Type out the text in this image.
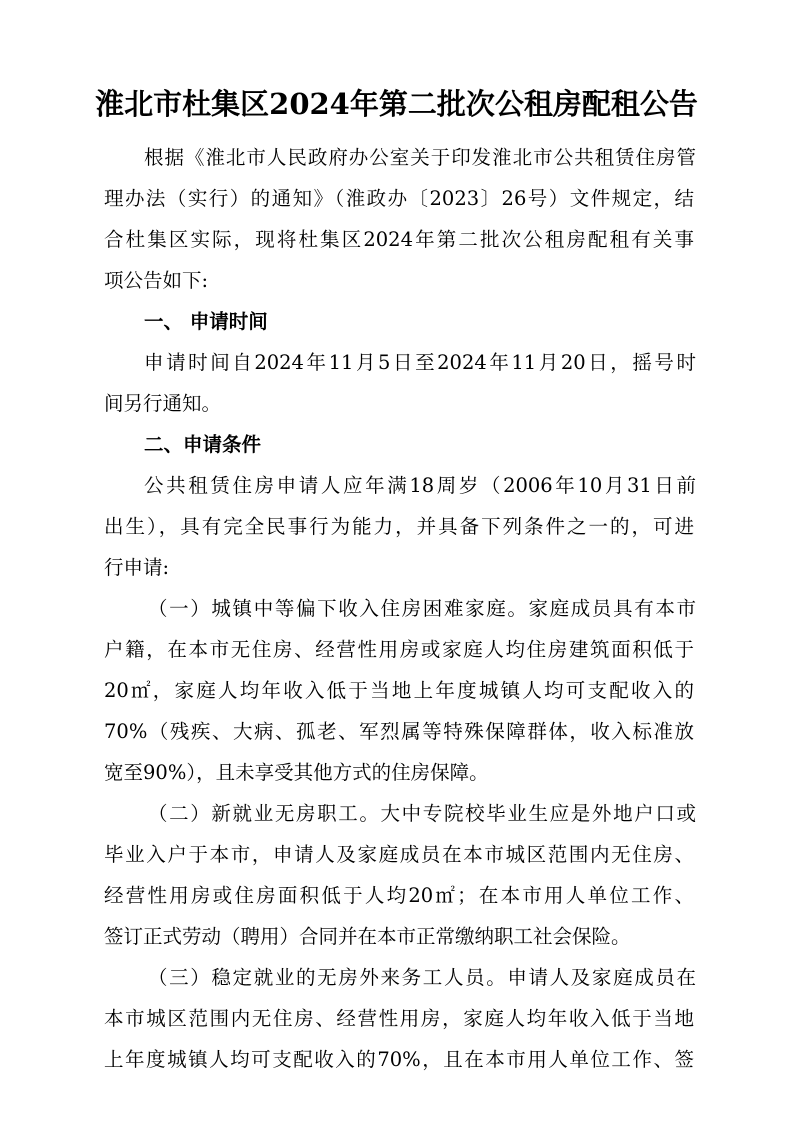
淮北市杜集区2024年第二批次公租房配租公告
根据《淮北市人民政府办公室关于印发淮北市公共租赁住房管
理办法（实行）的通知》（淮政办〔2023〕26号）文件规定，结
合杜集区实际，现将杜集区2024年第二批次公租房配租有关事
项公告如下:
一、 申请时间
申请时间自2024年11月5日至2024年11月20日，摇号时
间另行通知。
二、申请条件
公共租赁住房申请人应年满18周岁（2006年10月31日前
出生），具有完全民事行为能力，并具备下列条件之一的，可进
行申请:
（一）城镇中等偏下收入住房困难家庭。家庭成员具有本市
户籍，在本市无住房、经营性用房或家庭人均住房建筑面积低于
20㎡，家庭人均年收入低于当地上年度城镇人均可支配收入的
70%（残疾、大病、孤老、军烈属等特殊保障群体，收入标准放
宽至90%），且未享受其他方式的住房保障。
（二）新就业无房职工。大中专院校毕业生应是外地户口或
毕业入户于本市，申请人及家庭成员在本市城区范围内无住房、
经营性用房或住房面积低于人均20㎡；在本市用人单位工作、
签订正式劳动（聘用）合同并在本市正常缴纳职工社会保险。
（三）稳定就业的无房外来务工人员。申请人及家庭成员在
本市城区范围内无住房、经营性用房，家庭人均年收入低于当地
上年度城镇人均可支配收入的70%，且在本市用人单位工作、签
